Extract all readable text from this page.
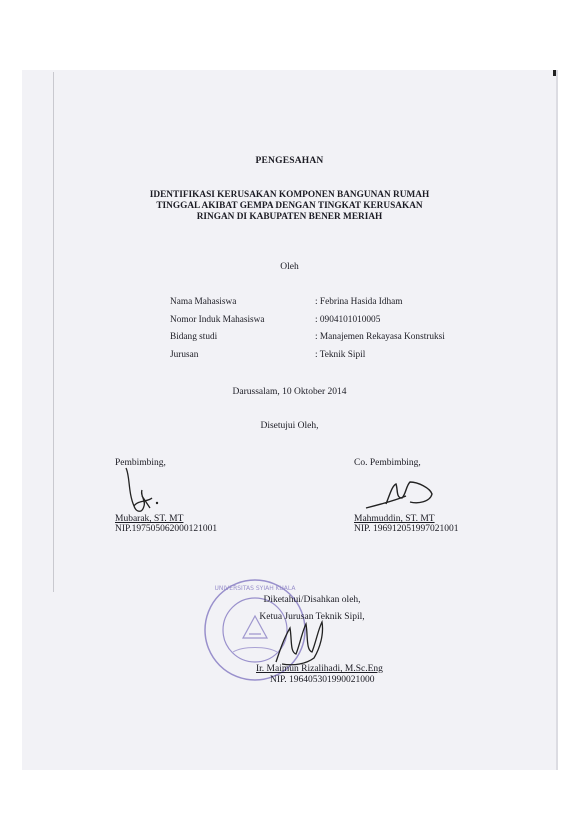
PENGESAHAN
IDENTIFIKASI KERUSAKAN KOMPONEN BANGUNAN RUMAH
TINGGAL AKIBAT GEMPA DENGAN TINGKAT KERUSAKAN
RINGAN DI KABUPATEN BENER MERIAH
Oleh
Nama Mahasiswa	: Febrina Hasida Idham
Nomor Induk Mahasiswa	: 0904101010005
Bidang studi	: Manajemen Rekayasa Konstruksi
Jurusan	: Teknik Sipil
Darussalam, 10 Oktober 2014
Disetujui Oleh,
Pembimbing,
Mubarak, ST. MT
NIP.197505062000121001
Co. Pembimbing,
Mahmuddin, ST. MT
NIP. 196912051997021001
UNIVERSITAS SYIAH KUALA
Diketahui/Disahkan oleh,
Ketua Jurusan Teknik Sipil,
Ir. Maimun Rizalihadi, M.Sc.Eng
NIP. 196405301990021000
